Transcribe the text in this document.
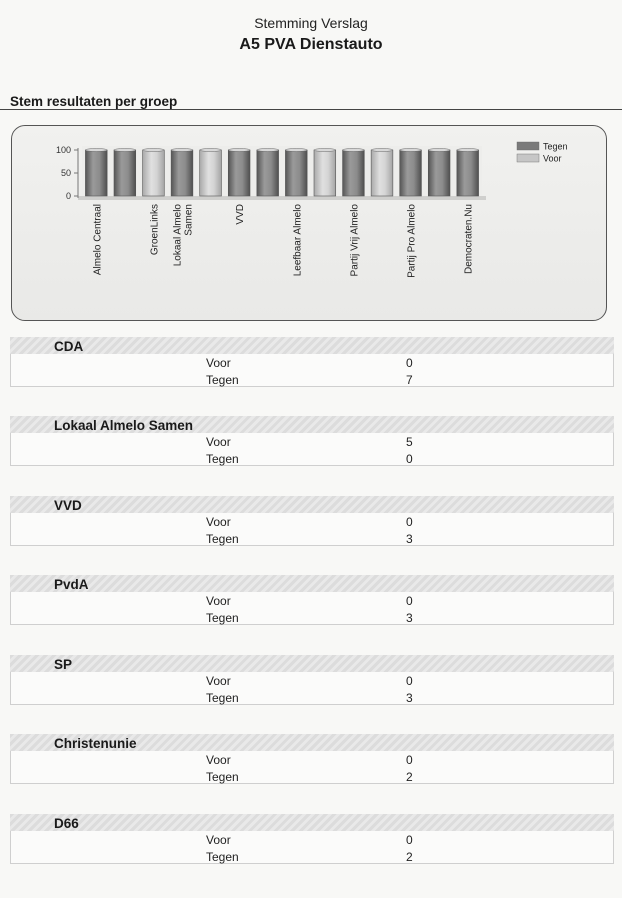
Stemming Verslag
A5 PVA Dienstauto
Stem resultaten per groep
0
50
100
Almelo Centraal	GroenLinks Lokaal Almelo Samen	VVD	Leefbaar Almelo	Partij Vrij Almelo	Partij Pro Almelo	Democraten.Nu
Tegen
Voor
CDA
Voor	0
Tegen	7
Lokaal Almelo Samen
Voor	5
Tegen	0
VVD
Voor	0
Tegen	3
PvdA
Voor	0
Tegen	3
SP
Voor	0
Tegen	3
Christenunie
Voor	0
Tegen	2
D66
Voor	0
Tegen	2
